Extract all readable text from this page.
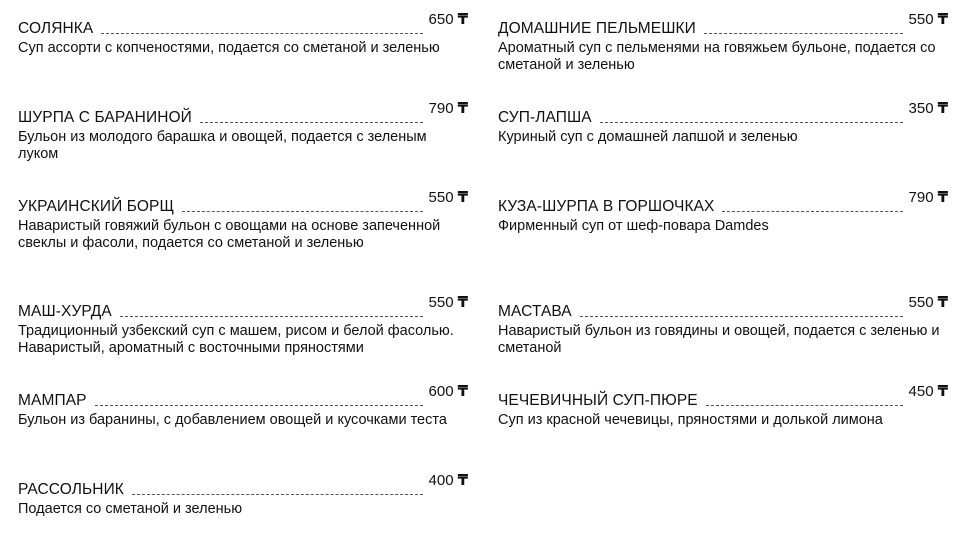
СОЛЯНКА
650 ₸
Суп ассорти с копченостями, подается со сметаной и зеленью
ШУРПА С БАРАНИНОЙ
790 ₸
Бульон из молодого барашка и овощей, подается с зеленым луком
УКРАИНСКИЙ БОРЩ
550 ₸
Наваристый говяжий бульон с овощами на основе запеченной свеклы и фасоли, подается со сметаной и зеленью
МАШ-ХУРДА
550 ₸
Традиционный узбекский суп с машем, рисом и белой фасолью. Наваристый, ароматный с восточными пряностями
МАМПАР
600 ₸
Бульон из баранины, с добавлением овощей и кусочками теста
РАССОЛЬНИК
400 ₸
Подается со сметаной и зеленью
ДОМАШНИЕ ПЕЛЬМЕШКИ
550 ₸
Ароматный суп с пельменями на говяжьем бульоне, подается со сметаной и зеленью
СУП-ЛАПША
350 ₸
Куриный суп с домашней лапшой и зеленью
КУЗА-ШУРПА В ГОРШОЧКАХ
790 ₸
Фирменный суп от шеф-повара Damdes
МАСТАВА
550 ₸
Наваристый бульон из говядины и овощей, подается с зеленью и сметаной
ЧЕЧЕВИЧНЫЙ СУП-ПЮРЕ
450 ₸
Суп из красной чечевицы, пряностями и долькой лимона
